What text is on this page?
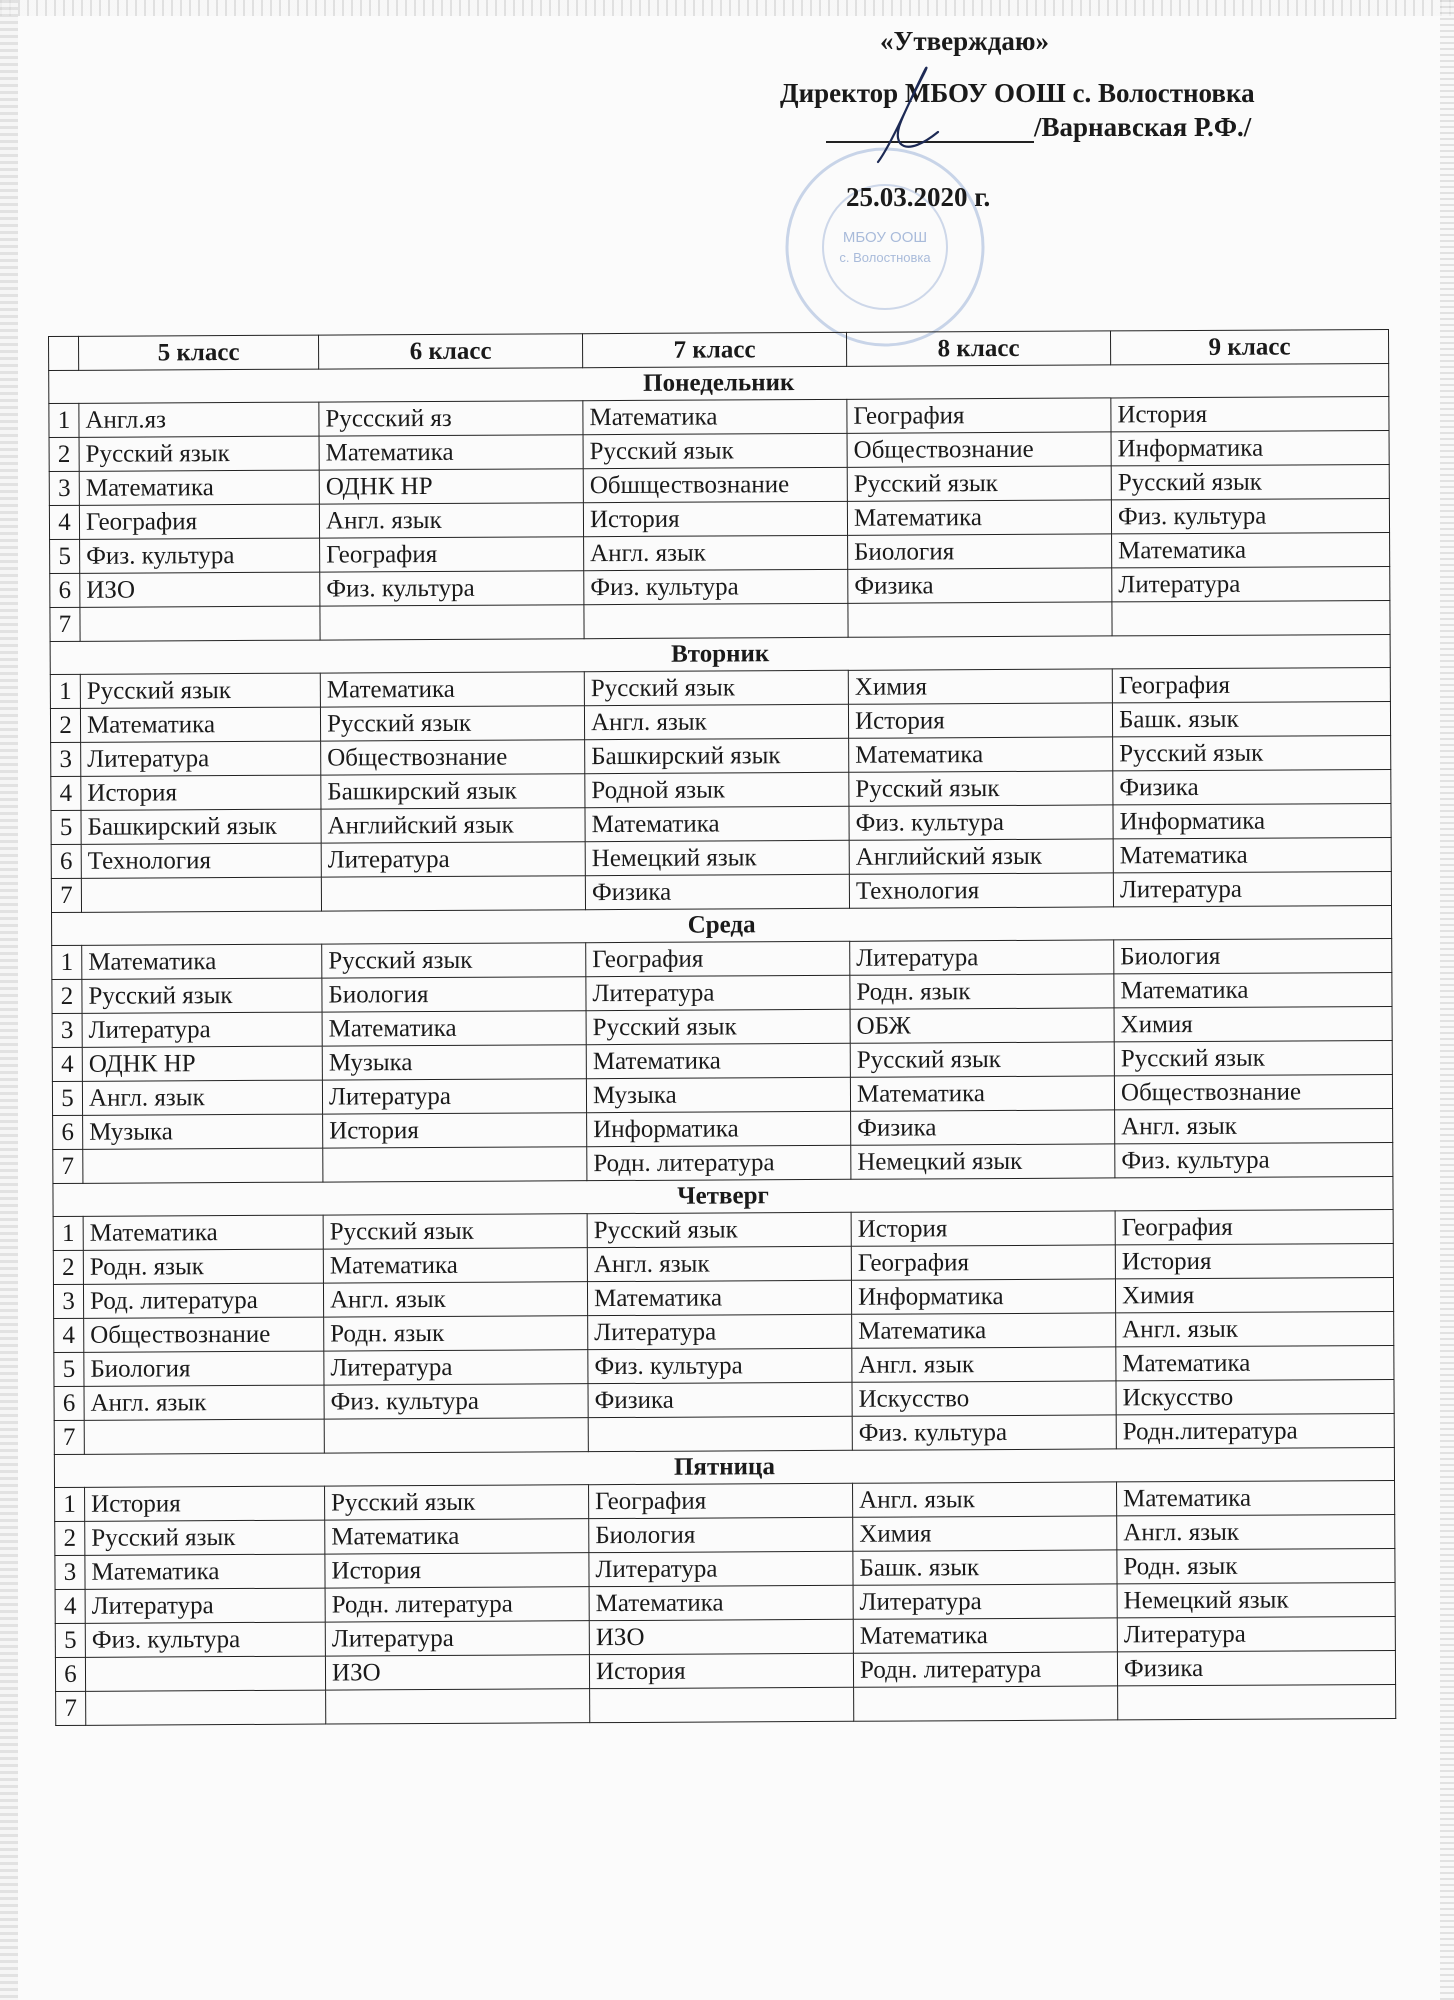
МБОУ ООШ
с. Волостновка
«Утверждаю»
Директор МБОУ ООШ с. Волостновка
/Варнавская Р.Ф./
25.03.2020 г.
	5 класс	6 класс	7 класс	8 класс	9 класс
Понедельник					
1	Англ.яз	Руссский яз	Математика	География	История
2	Русский язык	Математика	Русский язык	Обществознание	Информатика
3	Математика	ОДНК НР	Обшществознание	Русский язык	Русский язык
4	География	Англ. язык	История	Математика	Физ. культура
5	Физ. культура	География	Англ. язык	Биология	Математика
6	ИЗО	Физ. культура	Физ. культура	Физика	Литература
7					
Вторник					
1	Русский язык	Математика	Русский язык	Химия	География
2	Математика	Русский язык	Англ. язык	История	Башк. язык
3	Литература	Обществознание	Башкирский язык	Математика	Русский язык
4	История	Башкирский язык	Родной язык	Русский язык	Физика
5	Башкирский язык	Английский язык	Математика	Физ. культура	Информатика
6	Технология	Литература	Немецкий язык	Английский язык	Математика
7			Физика	Технология	Литература
Среда					
1	Математика	Русский язык	География	Литература	Биология
2	Русский язык	Биология	Литература	Родн. язык	Математика
3	Литература	Математика	Русский язык	ОБЖ	Химия
4	ОДНК НР	Музыка	Математика	Русский язык	Русский язык
5	Англ. язык	Литература	Музыка	Математика	Обществознание
6	Музыка	История	Информатика	Физика	Англ. язык
7			Родн. литература	Немецкий язык	Физ. культура
Четверг					
1	Математика	Русский язык	Русский язык	История	География
2	Родн. язык	Математика	Англ. язык	География	История
3	Род. литература	Англ. язык	Математика	Информатика	Химия
4	Обществознание	Родн. язык	Литература	Математика	Англ. язык
5	Биология	Литература	Физ. культура	Англ. язык	Математика
6	Англ. язык	Физ. культура	Физика	Искусство	Искусство
7				Физ. культура	Родн.литература
Пятница					
1	История	Русский язык	География	Англ. язык	Математика
2	Русский язык	Математика	Биология	Химия	Англ. язык
3	Математика	История	Литература	Башк. язык	Родн. язык
4	Литература	Родн. литература	Математика	Литература	Немецкий язык
5	Физ. культура	Литература	ИЗО	Математика	Литература
6		ИЗО	История	Родн. литература	Физика
7					
